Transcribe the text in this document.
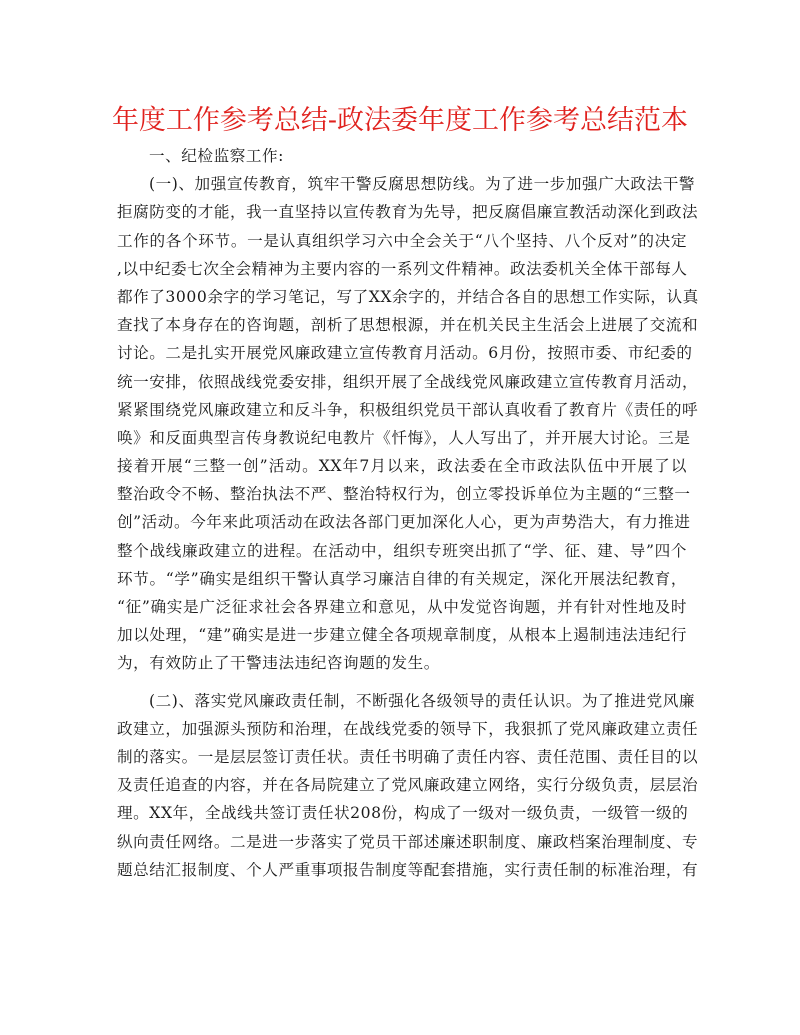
年度工作参考总结-政法委年度工作参考总结范本
一、纪检监察工作:
(一)、加强宣传教育，筑牢干警反腐思想防线。为了进一步加强广大政法干警
拒腐防变的才能，我一直坚持以宣传教育为先导，把反腐倡廉宣教活动深化到政法
工作的各个环节。一是认真组织学习六中全会关于“八个坚持、八个反对”的决定
,以中纪委七次全会精神为主要内容的一系列文件精神。政法委机关全体干部每人
都作了3000余字的学习笔记，写了XX余字的，并结合各自的思想工作实际，认真
查找了本身存在的咨询题，剖析了思想根源，并在机关民主生活会上进展了交流和
讨论。二是扎实开展党风廉政建立宣传教育月活动。6月份，按照市委、市纪委的
统一安排，依照战线党委安排，组织开展了全战线党风廉政建立宣传教育月活动，
紧紧围绕党风廉政建立和反斗争，积极组织党员干部认真收看了教育片《责任的呼
唤》和反面典型言传身教说纪电教片《忏悔》，人人写出了，并开展大讨论。三是
接着开展“三整一创”活动。XX年7月以来，政法委在全市政法队伍中开展了以
整治政令不畅、整治执法不严、整治特权行为，创立零投诉单位为主题的“三整一
创”活动。今年来此项活动在政法各部门更加深化人心，更为声势浩大，有力推进
整个战线廉政建立的进程。在活动中，组织专班突出抓了“学、征、建、导”四个
环节。“学”确实是组织干警认真学习廉洁自律的有关规定，深化开展法纪教育，
“征”确实是广泛征求社会各界建立和意见，从中发觉咨询题，并有针对性地及时
加以处理，“建”确实是进一步建立健全各项规章制度，从根本上遏制违法违纪行
为，有效防止了干警违法违纪咨询题的发生。
(二)、落实党风廉政责任制，不断强化各级领导的责任认识。为了推进党风廉
政建立，加强源头预防和治理，在战线党委的领导下，我狠抓了党风廉政建立责任
制的落实。一是层层签订责任状。责任书明确了责任内容、责任范围、责任目的以
及责任追查的内容，并在各局院建立了党风廉政建立网络，实行分级负责，层层治
理。XX年，全战线共签订责任状208份，构成了一级对一级负责，一级管一级的
纵向责任网络。二是进一步落实了党员干部述廉述职制度、廉政档案治理制度、专
题总结汇报制度、个人严重事项报告制度等配套措施，实行责任制的标准治理，有
